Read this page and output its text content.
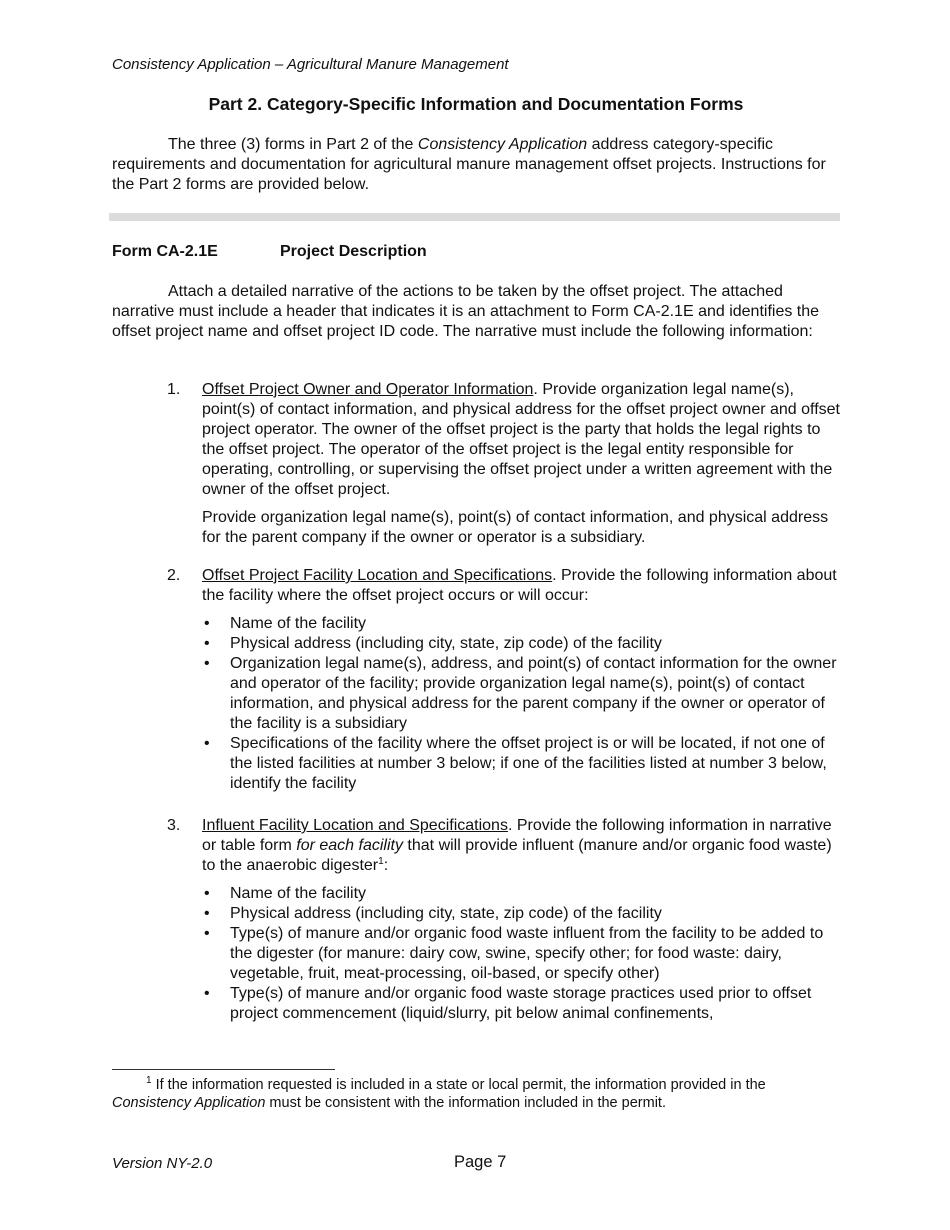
Consistency Application – Agricultural Manure Management
Part 2. Category-Specific Information and Documentation Forms

The three (3) forms in Part 2 of the Consistency Application address category-specific requirements and documentation for agricultural manure management offset projects. Instructions for the Part 2 forms are provided below.

Form CA-2.1E	Project Description

Attach a detailed narrative of the actions to be taken by the offset project. The attached narrative must include a header that indicates it is an attachment to Form CA-2.1E and identifies the offset project name and offset project ID code. The narrative must include the following information:

1. Offset Project Owner and Operator Information. Provide organization legal name(s), point(s) of contact information, and physical address for the offset project owner and offset project operator. The owner of the offset project is the party that holds the legal rights to the offset project. The operator of the offset project is the legal entity responsible for operating, controlling, or supervising the offset project under a written agreement with the owner of the offset project.

Provide organization legal name(s), point(s) of contact information, and physical address for the parent company if the owner or operator is a subsidiary.

2. Offset Project Facility Location and Specifications. Provide the following information about the facility where the offset project occurs or will occur:

• Name of the facility
• Physical address (including city, state, zip code) of the facility
• Organization legal name(s), address, and point(s) of contact information for the owner and operator of the facility; provide organization legal name(s), point(s) of contact information, and physical address for the parent company if the owner or operator of the facility is a subsidiary
• Specifications of the facility where the offset project is or will be located, if not one of the listed facilities at number 3 below; if one of the facilities listed at number 3 below, identify the facility
3. Influent Facility Location and Specifications. Provide the following information in narrative or table form for each facility that will provide influent (manure and/or organic food waste) to the anaerobic digester$^1$:

• Name of the facility
• Physical address (including city, state, zip code) of the facility
• Type(s) of manure and/or organic food waste influent from the facility to be added to the digester (for manure: dairy cow, swine, specify other; for food waste: dairy, vegetable, fruit, meat-processing, oil-based, or specify other)
• Type(s) of manure and/or organic food waste storage practices used prior to offset project commencement (liquid/slurry, pit below animal confinements,

$^1$ If the information requested is included in a state or local permit, the information provided in the Consistency Application must be consistent with the information included in the permit.

Version NY-2.0	Page 7
